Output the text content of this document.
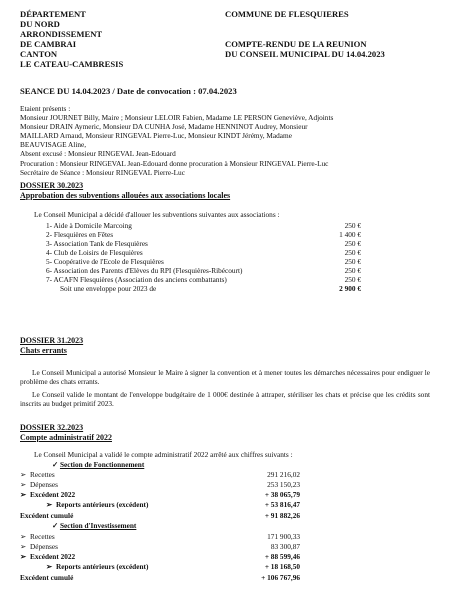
DÉPARTEMENT
DU NORD
ARRONDISSEMENT
DE CAMBRAI
CANTON
LE CATEAU-CAMBRESIS
COMMUNE DE FLESQUIERES
COMPTE-RENDU DE LA REUNION
DU CONSEIL MUNICIPAL DU 14.04.2023
SEANCE DU 14.04.2023 / Date de convocation : 07.04.2023
Etaient présents :
Monsieur JOURNET Billy, Maire ; Monsieur LELOIR Fabien, Madame LE PERSON Geneviève, Adjoints
Monsieur DRAIN Aymeric, Monsieur DA CUNHA José, Madame HENNINOT Audrey, Monsieur
MAILLARD Arnaud, Monsieur RINGEVAL Pierre-Luc, Monsieur KINDT Jérémy, Madame
BEAUVISAGE Aline,
Absent excusé : Monsieur RINGEVAL Jean-Edouard
Procuration : Monsieur RINGEVAL Jean-Edouard donne procuration à Monsieur RINGEVAL Pierre-Luc
Secrétaire de Séance : Monsieur RINGEVAL Pierre-Luc
DOSSIER 30.2023
Approbation des subventions allouées aux associations locales
Le Conseil Municipal a décidé d'allouer les subventions suivantes aux associations :
1- Aide à Domicile Marcoing	250 €
2- Flesquières en Fêtes	1 400 €
3- Association Tank de Flesquières	250 €
4- Club de Loisirs de Flesquières	250 €
5- Coopérative de l'Ecole de Flesquières	250 €
6- Association des Parents d'Elèves du RPI (Flesquières-Ribécourt)	250 €
7- ACAFN Flesquières (Association des anciens combattants)	250 €
Soit une enveloppe pour 2023 de	2 900 €
DOSSIER 31.2023
Chats errants
Le Conseil Municipal a autorisé Monsieur le Maire à signer la convention et à mener toutes les démarches nécessaires pour endiguer le problème des chats errants.
Le Conseil valide le montant de l'enveloppe budgétaire de 1 000€ destinée à attraper, stériliser les chats et précise que les crédits sont inscrits au budget primitif 2023.
DOSSIER 32.2023
Compte administratif 2022
Le Conseil Municipal a validé le compte administratif 2022 arrêté aux chiffres suivants :
✓ Section de Fonctionnement
➢ Recettes	291 216,02
➢ Dépenses	253 150,23
➢ Excédent 2022	+ 38 065,79
➢ Reports antérieurs (excédent)	+ 53 816,47
Excédent cumulé	+ 91 882,26
✓ Section d'Investissement
➢ Recettes	171 900,33
➢ Dépenses	83 300,87
➢ Excédent 2022	+ 88 599,46
➢ Reports antérieurs (excédent)	+ 18 168,50
Excédent cumulé	+ 106 767,96
